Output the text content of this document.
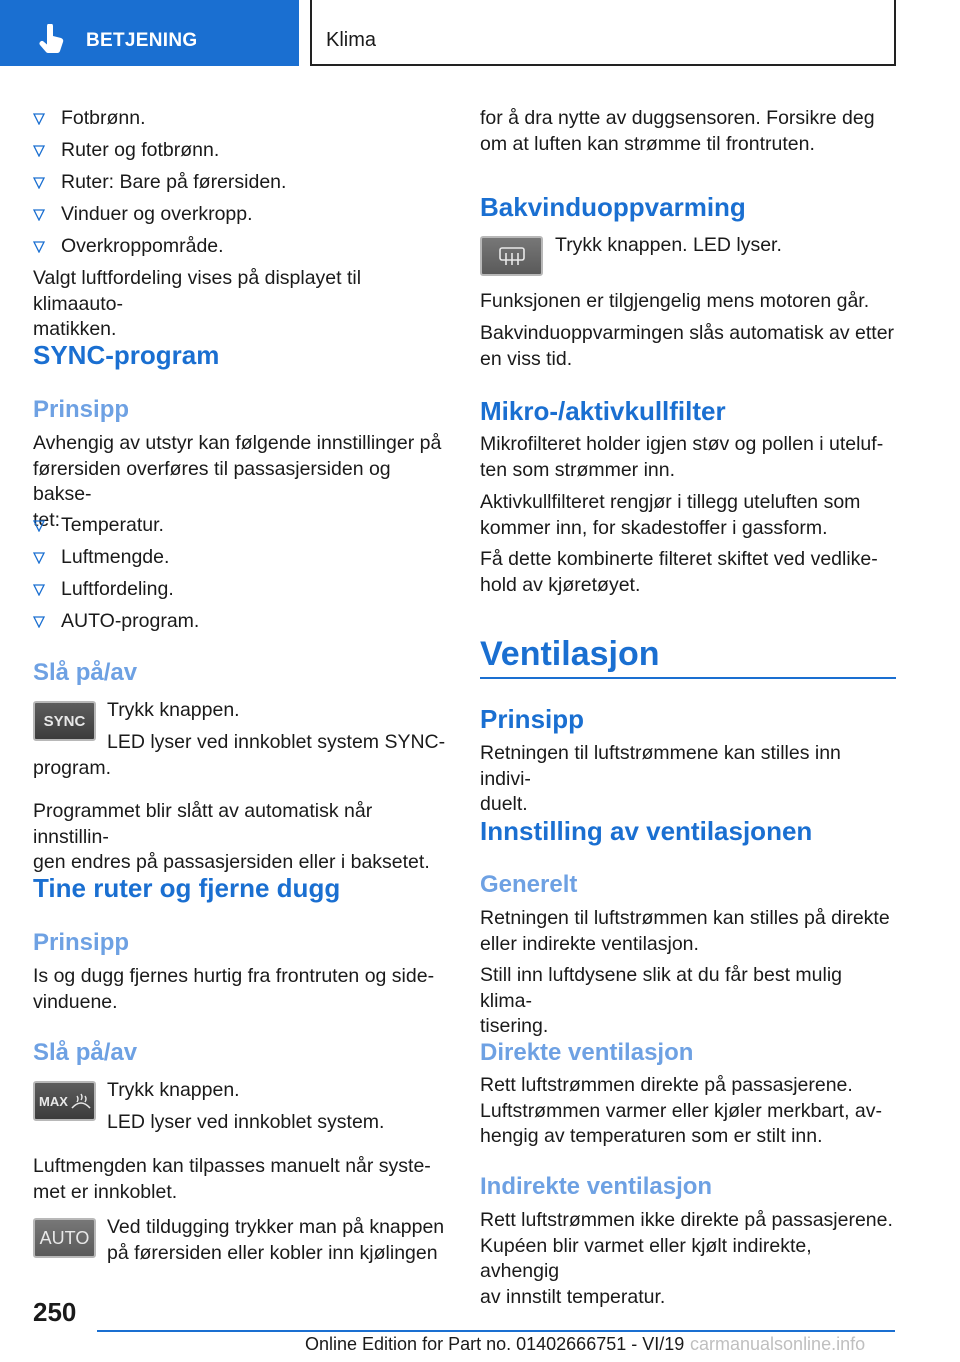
BETJENING	Klima
Fotbrønn.
Ruter og fotbrønn.
Ruter: Bare på førersiden.
Vinduer og overkropp.
Overkroppområde.
Valgt luftfordeling vises på displayet til klimaauto-
matikken.
SYNC-program
Prinsipp
Avhengig av utstyr kan følgende innstillinger på
førersiden overføres til passasjersiden og bakse-
tet: Temperatur.
Luftmengde.
Luftfordeling.
AUTO-program.
Slå på/av
SYNC	Trykk knappen.
LED lyser ved innkoblet system SYNC-
program.
Programmet blir slått av automatisk når innstillin-
gen endres på passasjersiden eller i baksetet.
Tine ruter og fjerne dugg
Prinsipp
Is og dugg fjernes hurtig fra frontruten og side-
vinduene.
Slå på/av
MAX Trykk knappen.
LED lyser ved innkoblet system.
Luftmengden kan tilpasses manuelt når syste-
met er innkoblet.
AUTO Ved tildugging trykker man på knappen
på førersiden eller kobler inn kjølingen
for å dra nytte av duggsensoren. Forsikre deg
om at luften kan strømme til frontruten.
Bakvinduoppvarming
Trykk knappen. LED lyser.
Funksjonen er tilgjengelig mens motoren går.
Bakvinduoppvarmingen slås automatisk av etter
en viss tid.
Mikro-/aktivkullfilter
Mikrofilteret holder igjen støv og pollen i uteluf-
ten som strømmer inn.
Aktivkullfilteret rengjør i tillegg uteluften som
kommer inn, for skadestoffer i gassform.
Få dette kombinerte filteret skiftet ved vedlike-
hold av kjøretøyet.
Ventilasjon
Prinsipp
Retningen til luftstrømmene kan stilles inn indivi-
duelt.
Innstilling av ventilasjonen
Generelt
Retningen til luftstrømmen kan stilles på direkte
eller indirekte ventilasjon.
Still inn luftdysene slik at du får best mulig klima-
tisering.
Direkte ventilasjon
Rett luftstrømmen direkte på passasjerene.
Luftstrømmen varmer eller kjøler merkbart, av-
hengig av temperaturen som er stilt inn.
Indirekte ventilasjon
Rett luftstrømmen ikke direkte på passasjerene.
Kupéen blir varmet eller kjølt indirekte, avhengig
av innstilt temperatur.
250
Online Edition for Part no. 01402666751 - VI/19 carmanualsonline.info
